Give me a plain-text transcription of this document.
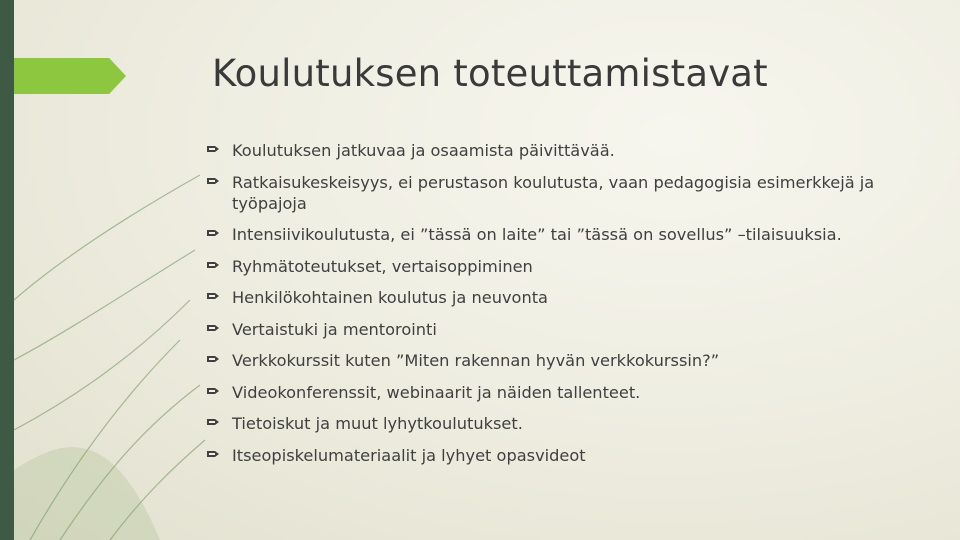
Koulutuksen toteuttamistavat
Koulutuksen jatkuvaa ja osaamista päivittävää.
Ratkaisukeskeisyys, ei perustason koulutusta, vaan pedagogisia esimerkkejä ja työpajoja
Intensiivikoulutusta, ei ”tässä on laite” tai ”tässä on sovellus” –tilaisuuksia.
Ryhmätoteutukset, vertaisoppiminen
Henkilökohtainen koulutus ja neuvonta
Vertaistuki ja mentorointi
Verkkokurssit kuten ”Miten rakennan hyvän verkkokurssin?”
Videokonferenssit, webinaarit ja näiden tallenteet.
Tietoiskut ja muut lyhytkoulutukset.
Itseopiskelumateriaalit ja lyhyet opasvideot
